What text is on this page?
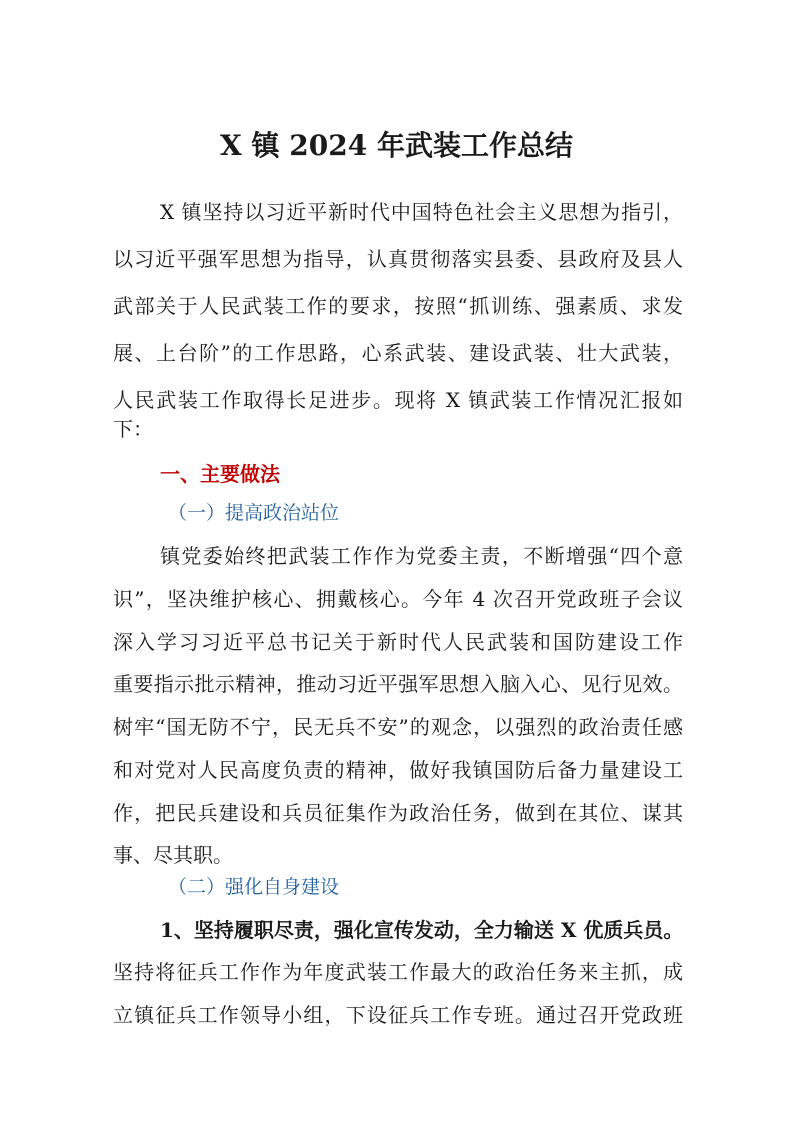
X 镇 2024 年武装工作总结
X 镇坚持以习近平新时代中国特色社会主义思想为指引，
以习近平强军思想为指导，认真贯彻落实县委、县政府及县人
武部关于人民武装工作的要求，按照“抓训练、强素质、求发
展、上台阶”的工作思路，心系武装、建设武装、壮大武装，
人民武装工作取得长足进步。现将 X 镇武装工作情况汇报如
下：
一、主要做法
（一）提高政治站位
镇党委始终把武装工作作为党委主责，不断增强“四个意
识”，坚决维护核心、拥戴核心。今年 4 次召开党政班子会议
深入学习习近平总书记关于新时代人民武装和国防建设工作
重要指示批示精神，推动习近平强军思想入脑入心、见行见效。
树牢“国无防不宁，民无兵不安”的观念，以强烈的政治责任感
和对党对人民高度负责的精神，做好我镇国防后备力量建设工
作，把民兵建设和兵员征集作为政治任务，做到在其位、谋其
事、尽其职。
（二）强化自身建设
1、坚持履职尽责，强化宣传发动，全力输送 X 优质兵员。
坚持将征兵工作作为年度武装工作最大的政治任务来主抓，成
立镇征兵工作领导小组，下设征兵工作专班。通过召开党政班
